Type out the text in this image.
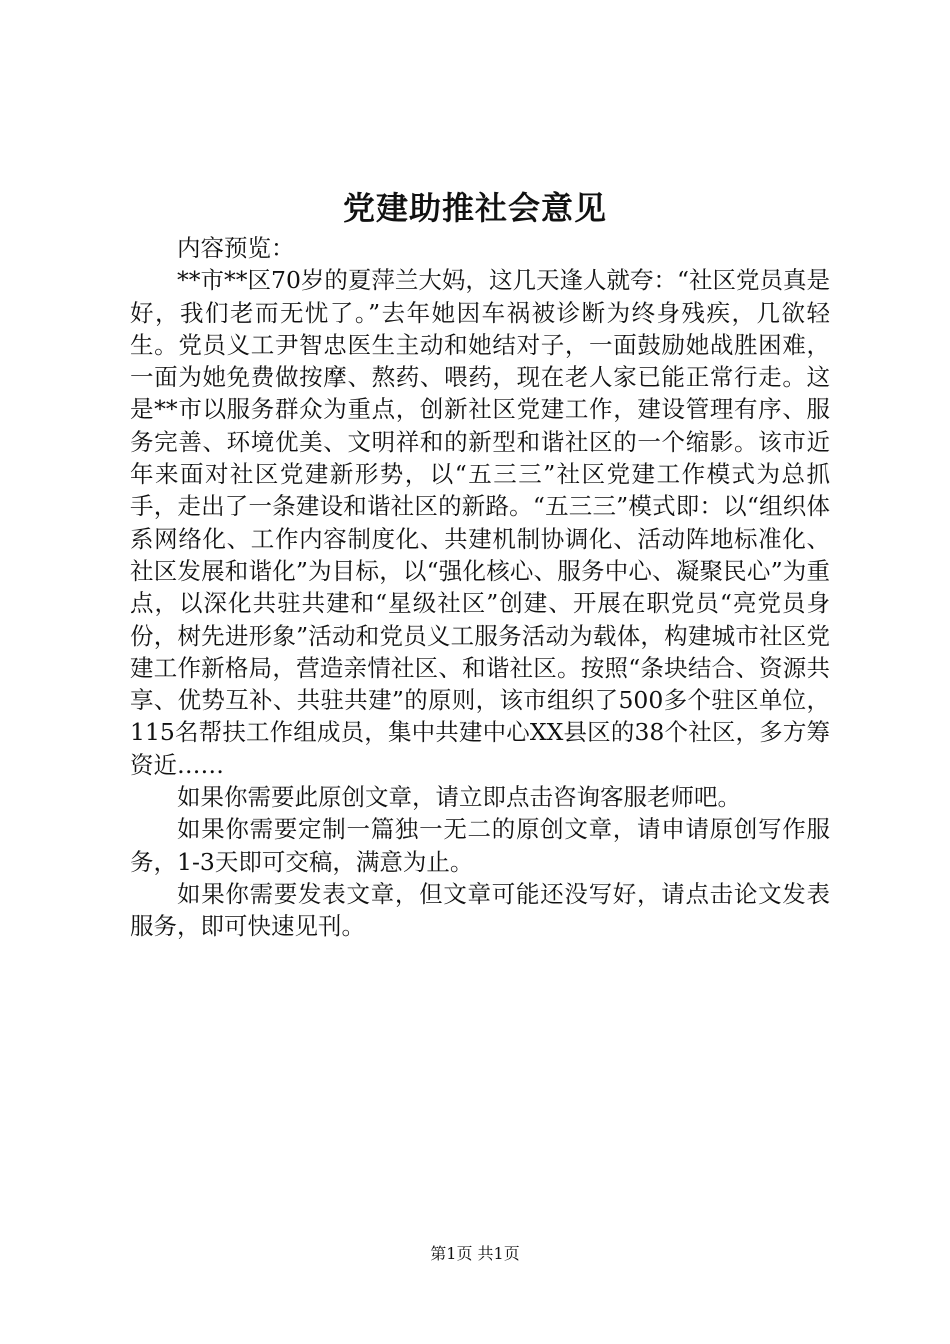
党建助推社会意见

内容预览：

**市**区70岁的夏萍兰大妈，这几天逢人就夸：“社区党员真是好，我们老而无忧了。”去年她因车祸被诊断为终身残疾，几欲轻生。党员义工尹智忠医生主动和她结对子，一面鼓励她战胜困难，一面为她免费做按摩、熬药、喂药，现在老人家已能正常行走。这是**市以服务群众为重点，创新社区党建工作，建设管理有序、服务完善、环境优美、文明祥和的新型和谐社区的一个缩影。该市近年来面对社区党建新形势，以“五三三”社区党建工作模式为总抓手，走出了一条建设和谐社区的新路。“五三三”模式即：以“组织体系网络化、工作内容制度化、共建机制协调化、活动阵地标准化、社区发展和谐化”为目标，以“强化核心、服务中心、凝聚民心”为重点，以深化共驻共建和“星级社区”创建、开展在职党员“亮党员身份，树先进形象”活动和党员义工服务活动为载体，构建城市社区党建工作新格局，营造亲情社区、和谐社区。按照“条块结合、资源共享、优势互补、共驻共建”的原则，该市组织了500多个驻区单位，115名帮扶工作组成员，集中共建中心XX县区的38个社区，多方筹资近……

如果你需要此原创文章，请立即点击咨询客服老师吧。

如果你需要定制一篇独一无二的原创文章，请申请原创写作服务，1-3天即可交稿，满意为止。

如果你需要发表文章，但文章可能还没写好，请点击论文发表服务，即可快速见刊。

第1页 共1页
